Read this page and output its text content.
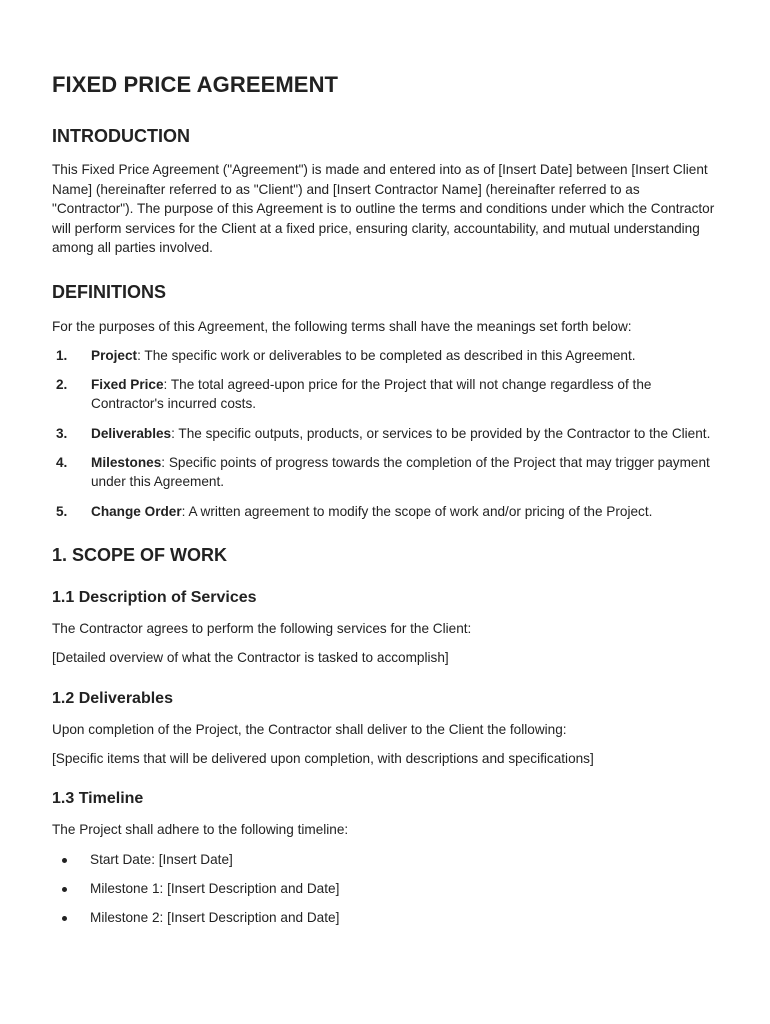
FIXED PRICE AGREEMENT
INTRODUCTION

This Fixed Price Agreement ("Agreement") is made and entered into as of [Insert Date] between [Insert Client Name] (hereinafter referred to as "Client") and [Insert Contractor Name] (hereinafter referred to as "Contractor"). The purpose of this Agreement is to outline the terms and conditions under which the Contractor will perform services for the Client at a fixed price, ensuring clarity, accountability, and mutual understanding among all parties involved.

DEFINITIONS

For the purposes of this Agreement, the following terms shall have the meanings set forth below:

1. Project: The specific work or deliverables to be completed as described in this Agreement.
2. Fixed Price: The total agreed-upon price for the Project that will not change regardless of the Contractor's incurred costs.
3. Deliverables: The specific outputs, products, or services to be provided by the Contractor to the Client.
4. Milestones: Specific points of progress towards the completion of the Project that may trigger payment under this Agreement.
5. Change Order: A written agreement to modify the scope of work and/or pricing of the Project.
1. SCOPE OF WORK
1.1 Description of Services

The Contractor agrees to perform the following services for the Client:

[Detailed overview of what the Contractor is tasked to accomplish]

1.2 Deliverables

Upon completion of the Project, the Contractor shall deliver to the Client the following:

[Specific items that will be delivered upon completion, with descriptions and specifications]

1.3 Timeline

The Project shall adhere to the following timeline:

Start Date: [Insert Date]
Milestone 1: [Insert Description and Date]
Milestone 2: [Insert Description and Date]
